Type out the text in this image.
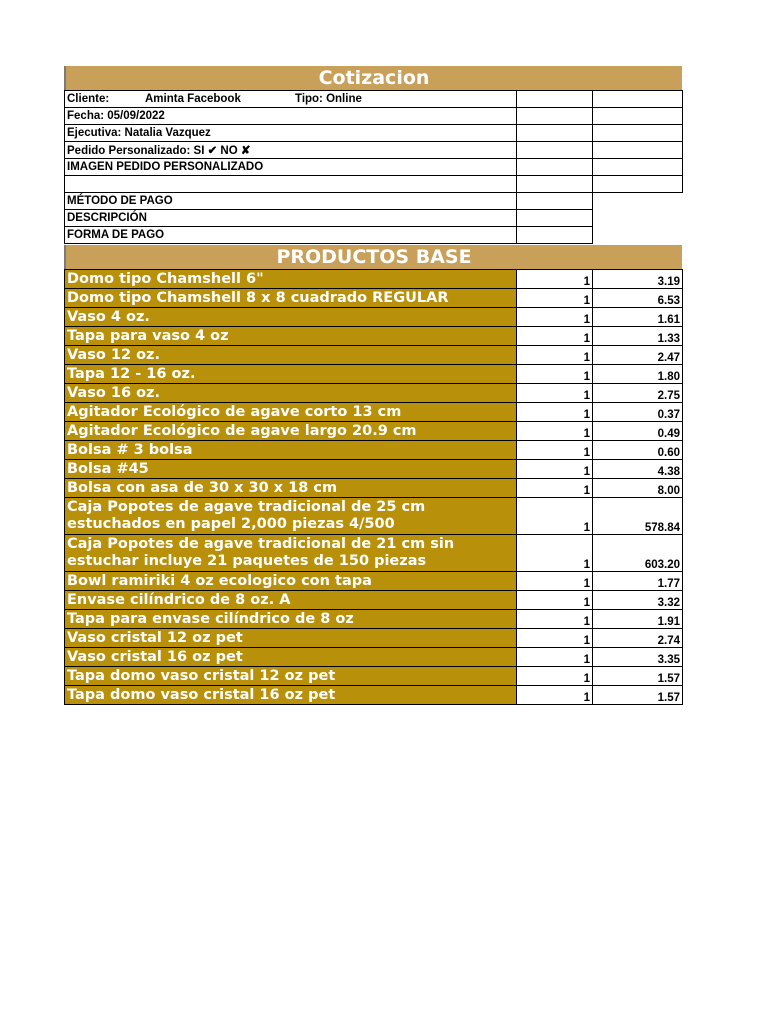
Cotizacion
Cliente: Aminta Facebook Tipo: Online		
Fecha: 05/09/2022		
Ejecutiva: Natalia Vazquez		
Pedido Personalizado: SI ✔ NO ✘		
IMAGEN PEDIDO PERSONALIZADO		

MÉTODO DE PAGO		
DESCRIPCIÓN		
FORMA DE PAGO		
PRODUCTOS BASE
Domo tipo Chamshell 6"	1	3.19
Domo tipo Chamshell 8 x 8 cuadrado REGULAR	1	6.53
Vaso 4 oz.	1	1.61
Tapa para vaso 4 oz	1	1.33
Vaso 12 oz.	1	2.47
Tapa 12 - 16 oz.	1	1.80
Vaso 16 oz.	1	2.75
Agitador Ecológico de agave corto 13 cm	1	0.37
Agitador Ecológico de agave largo 20.9 cm	1	0.49
Bolsa # 3 bolsa	1	0.60
Bolsa #45	1	4.38
Bolsa con asa de 30 x 30 x 18 cm	1	8.00
Caja Popotes de agave tradicional de 25 cm estuchados en papel 2,000 piezas 4/500	1	578.84
Caja Popotes de agave tradicional de 21 cm sin estuchar incluye 21 paquetes de 150 piezas	1	603.20
Bowl ramiriki 4 oz ecologico con tapa	1	1.77
Envase cilíndrico de 8 oz. A	1	3.32
Tapa para envase cilíndrico de 8 oz	1	1.91
Vaso cristal 12 oz pet	1	2.74
Vaso cristal 16 oz pet	1	3.35
Tapa domo vaso cristal 12 oz pet	1	1.57
Tapa domo vaso cristal 16 oz pet	1	1.57
